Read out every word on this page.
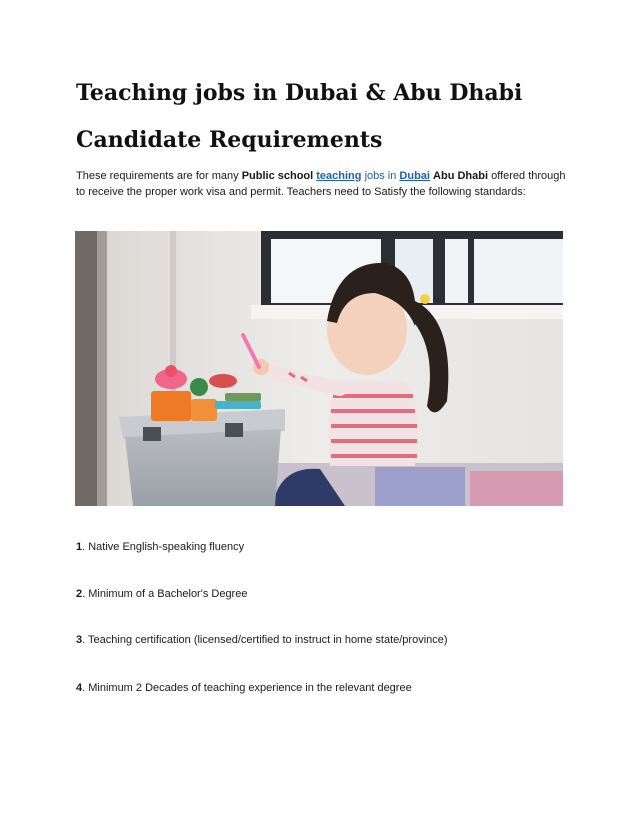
Teaching jobs in Dubai & Abu Dhabi
Candidate Requirements

These requirements are for many Public school teaching jobs in Dubai Abu Dhabi offered through to receive the proper work visa and permit. Teachers need to Satisfy the following standards:

1. Native English-speaking fluency

2. Minimum of a Bachelor's Degree

3. Teaching certification (licensed/certified to instruct in home state/province)

4. Minimum 2 Decades of teaching experience in the relevant degree
